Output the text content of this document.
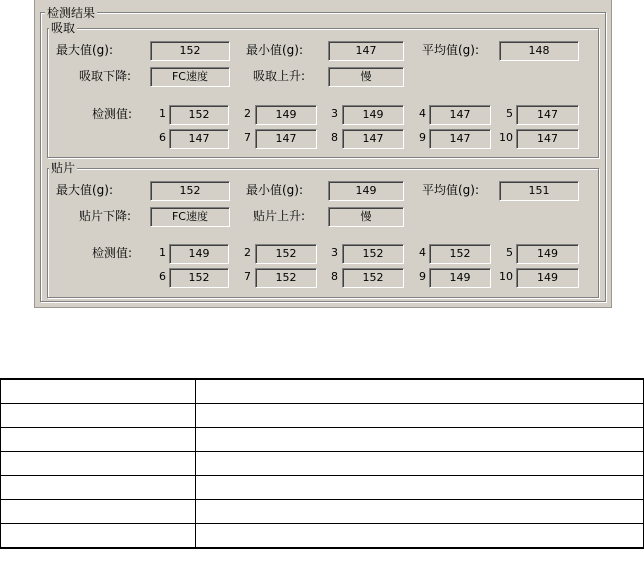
检测结果
吸取
最大值(g):	152	最小值(g):	147	平均值(g):	148
吸取下降:	FC速度	吸取上升:	慢
检测值:	1	152	2	149	3	149	4	147	5	147
6	147	7	147	8	147	9	147	10	147
贴片
最大值(g):	152	最小值(g):	149	平均值(g):	151
贴片下降:	FC速度	贴片上升:	慢
检测值:	1	149	2	152	3	152	4	152	5	149
6	152	7	152	8	152	9	149	10	149
